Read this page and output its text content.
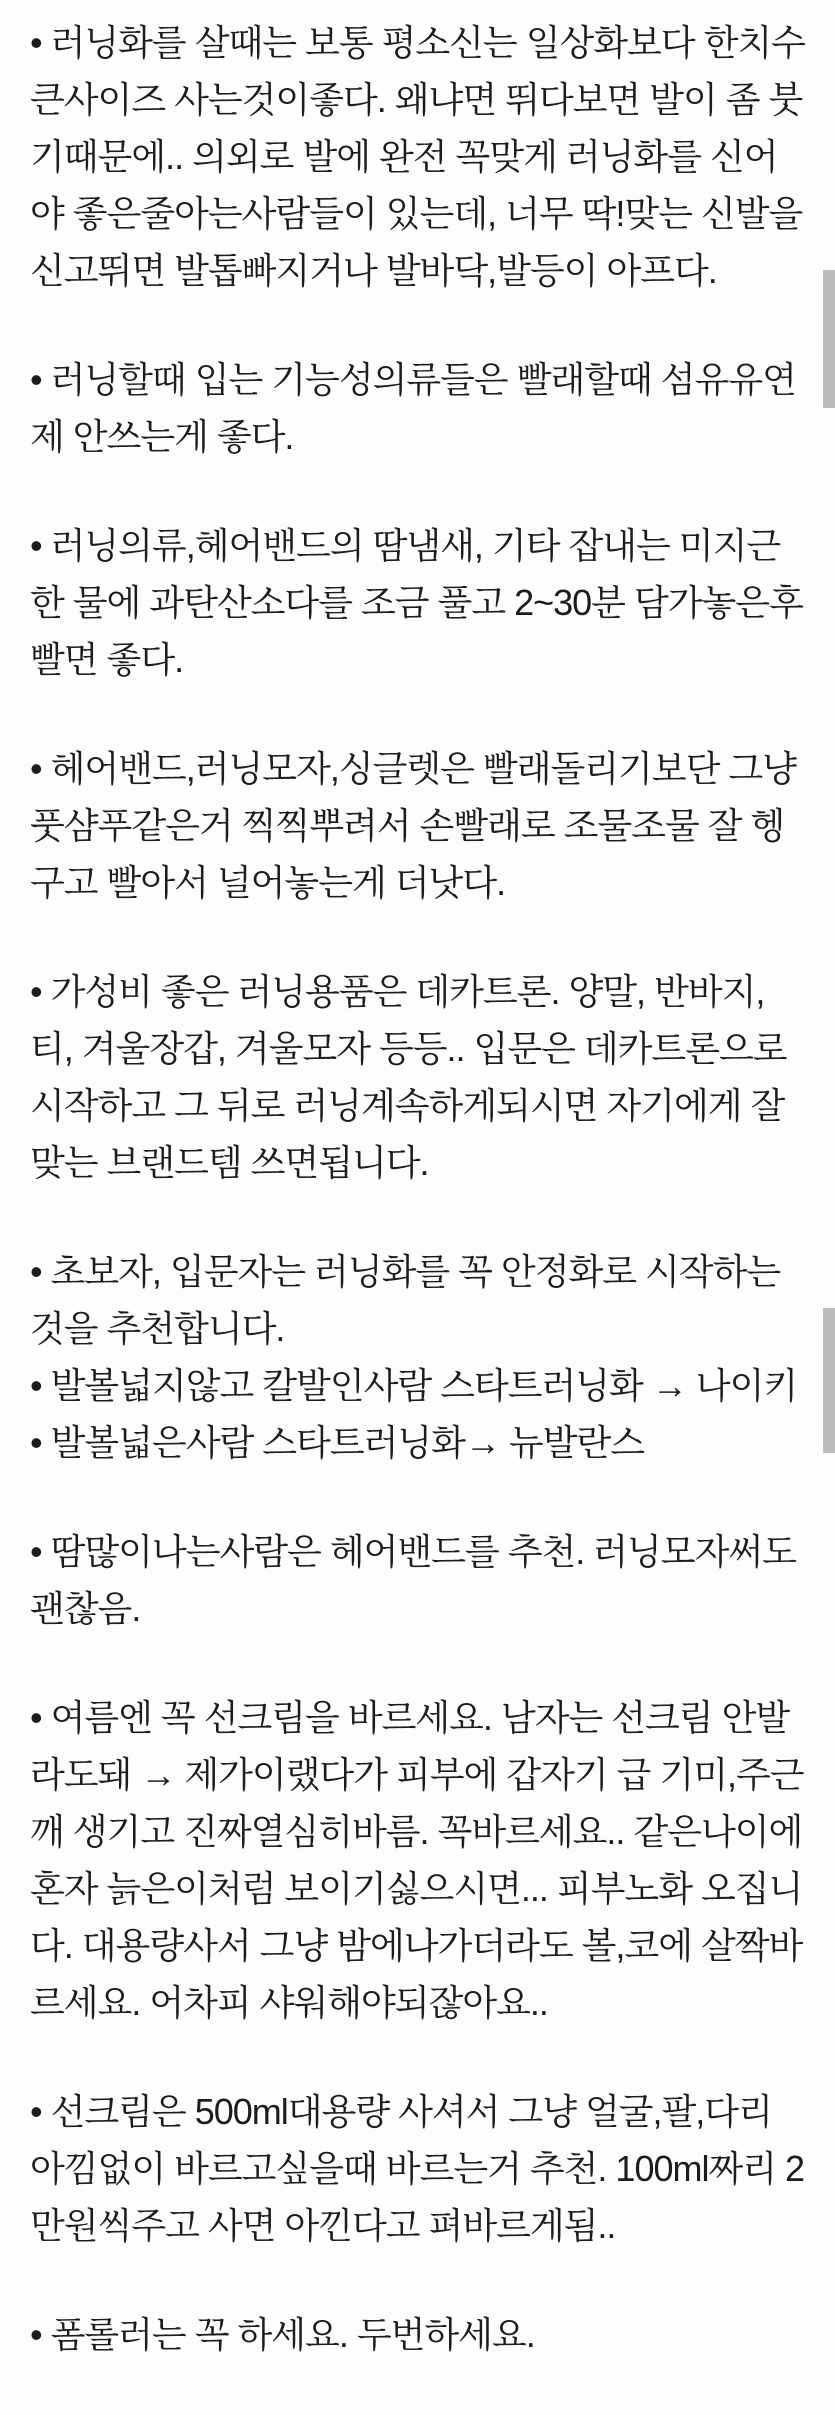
• 러닝화를 살때는 보통 평소신는 일상화보다 한치수 큰사이즈 사는것이좋다. 왜냐면 뛰다보면 발이 좀 붓기때문에.. 의외로 발에 완전 꼭맞게 러닝화를 신어야 좋은줄아는사람들이 있는데, 너무 딱!맞는 신발을 신고뛰면 발톱빠지거나 발바닥,발등이 아프다.

• 러닝할때 입는 기능성의류들은 빨래할때 섬유유연제 안쓰는게 좋다.

• 러닝의류,헤어밴드의 땀냄새, 기타 잡내는 미지근한 물에 과탄산소다를 조금 풀고 2~30분 담가놓은후 빨면 좋다.

• 헤어밴드,러닝모자,싱글렛은 빨래돌리기보단 그냥 풋샴푸같은거 찍찍뿌려서 손빨래로 조물조물 잘 헹구고 빨아서 널어놓는게 더낫다.

• 가성비 좋은 러닝용품은 데카트론. 양말, 반바지, 티, 겨울장갑, 겨울모자 등등.. 입문은 데카트론으로 시작하고 그 뒤로 러닝계속하게되시면 자기에게 잘맞는 브랜드템 쓰면됩니다.

• 초보자, 입문자는 러닝화를 꼭 안정화로 시작하는것을 추천합니다.

• 발볼넓지않고 칼발인사람 스타트러닝화 → 나이키

• 발볼넓은사람 스타트러닝화→ 뉴발란스

• 땀많이나는사람은 헤어밴드를 추천. 러닝모자써도 괜찮음.

• 여름엔 꼭 선크림을 바르세요. 남자는 선크림 안발라도돼 → 제가이랬다가 피부에 갑자기 급 기미,주근깨 생기고 진짜열심히바름. 꼭바르세요.. 같은나이에 혼자 늙은이처럼 보이기싫으시면... 피부노화 오집니다. 대용량사서 그냥 밤에나가더라도 볼,코에 살짝바르세요. 어차피 샤워해야되잖아요..

• 선크림은 500ml대용량 사셔서 그냥 얼굴,팔,다리 아낌없이 바르고싶을때 바르는거 추천. 100ml짜리 2만원씩주고 사면 아낀다고 펴바르게됨..

• 폼롤러는 꼭 하세요. 두번하세요.
